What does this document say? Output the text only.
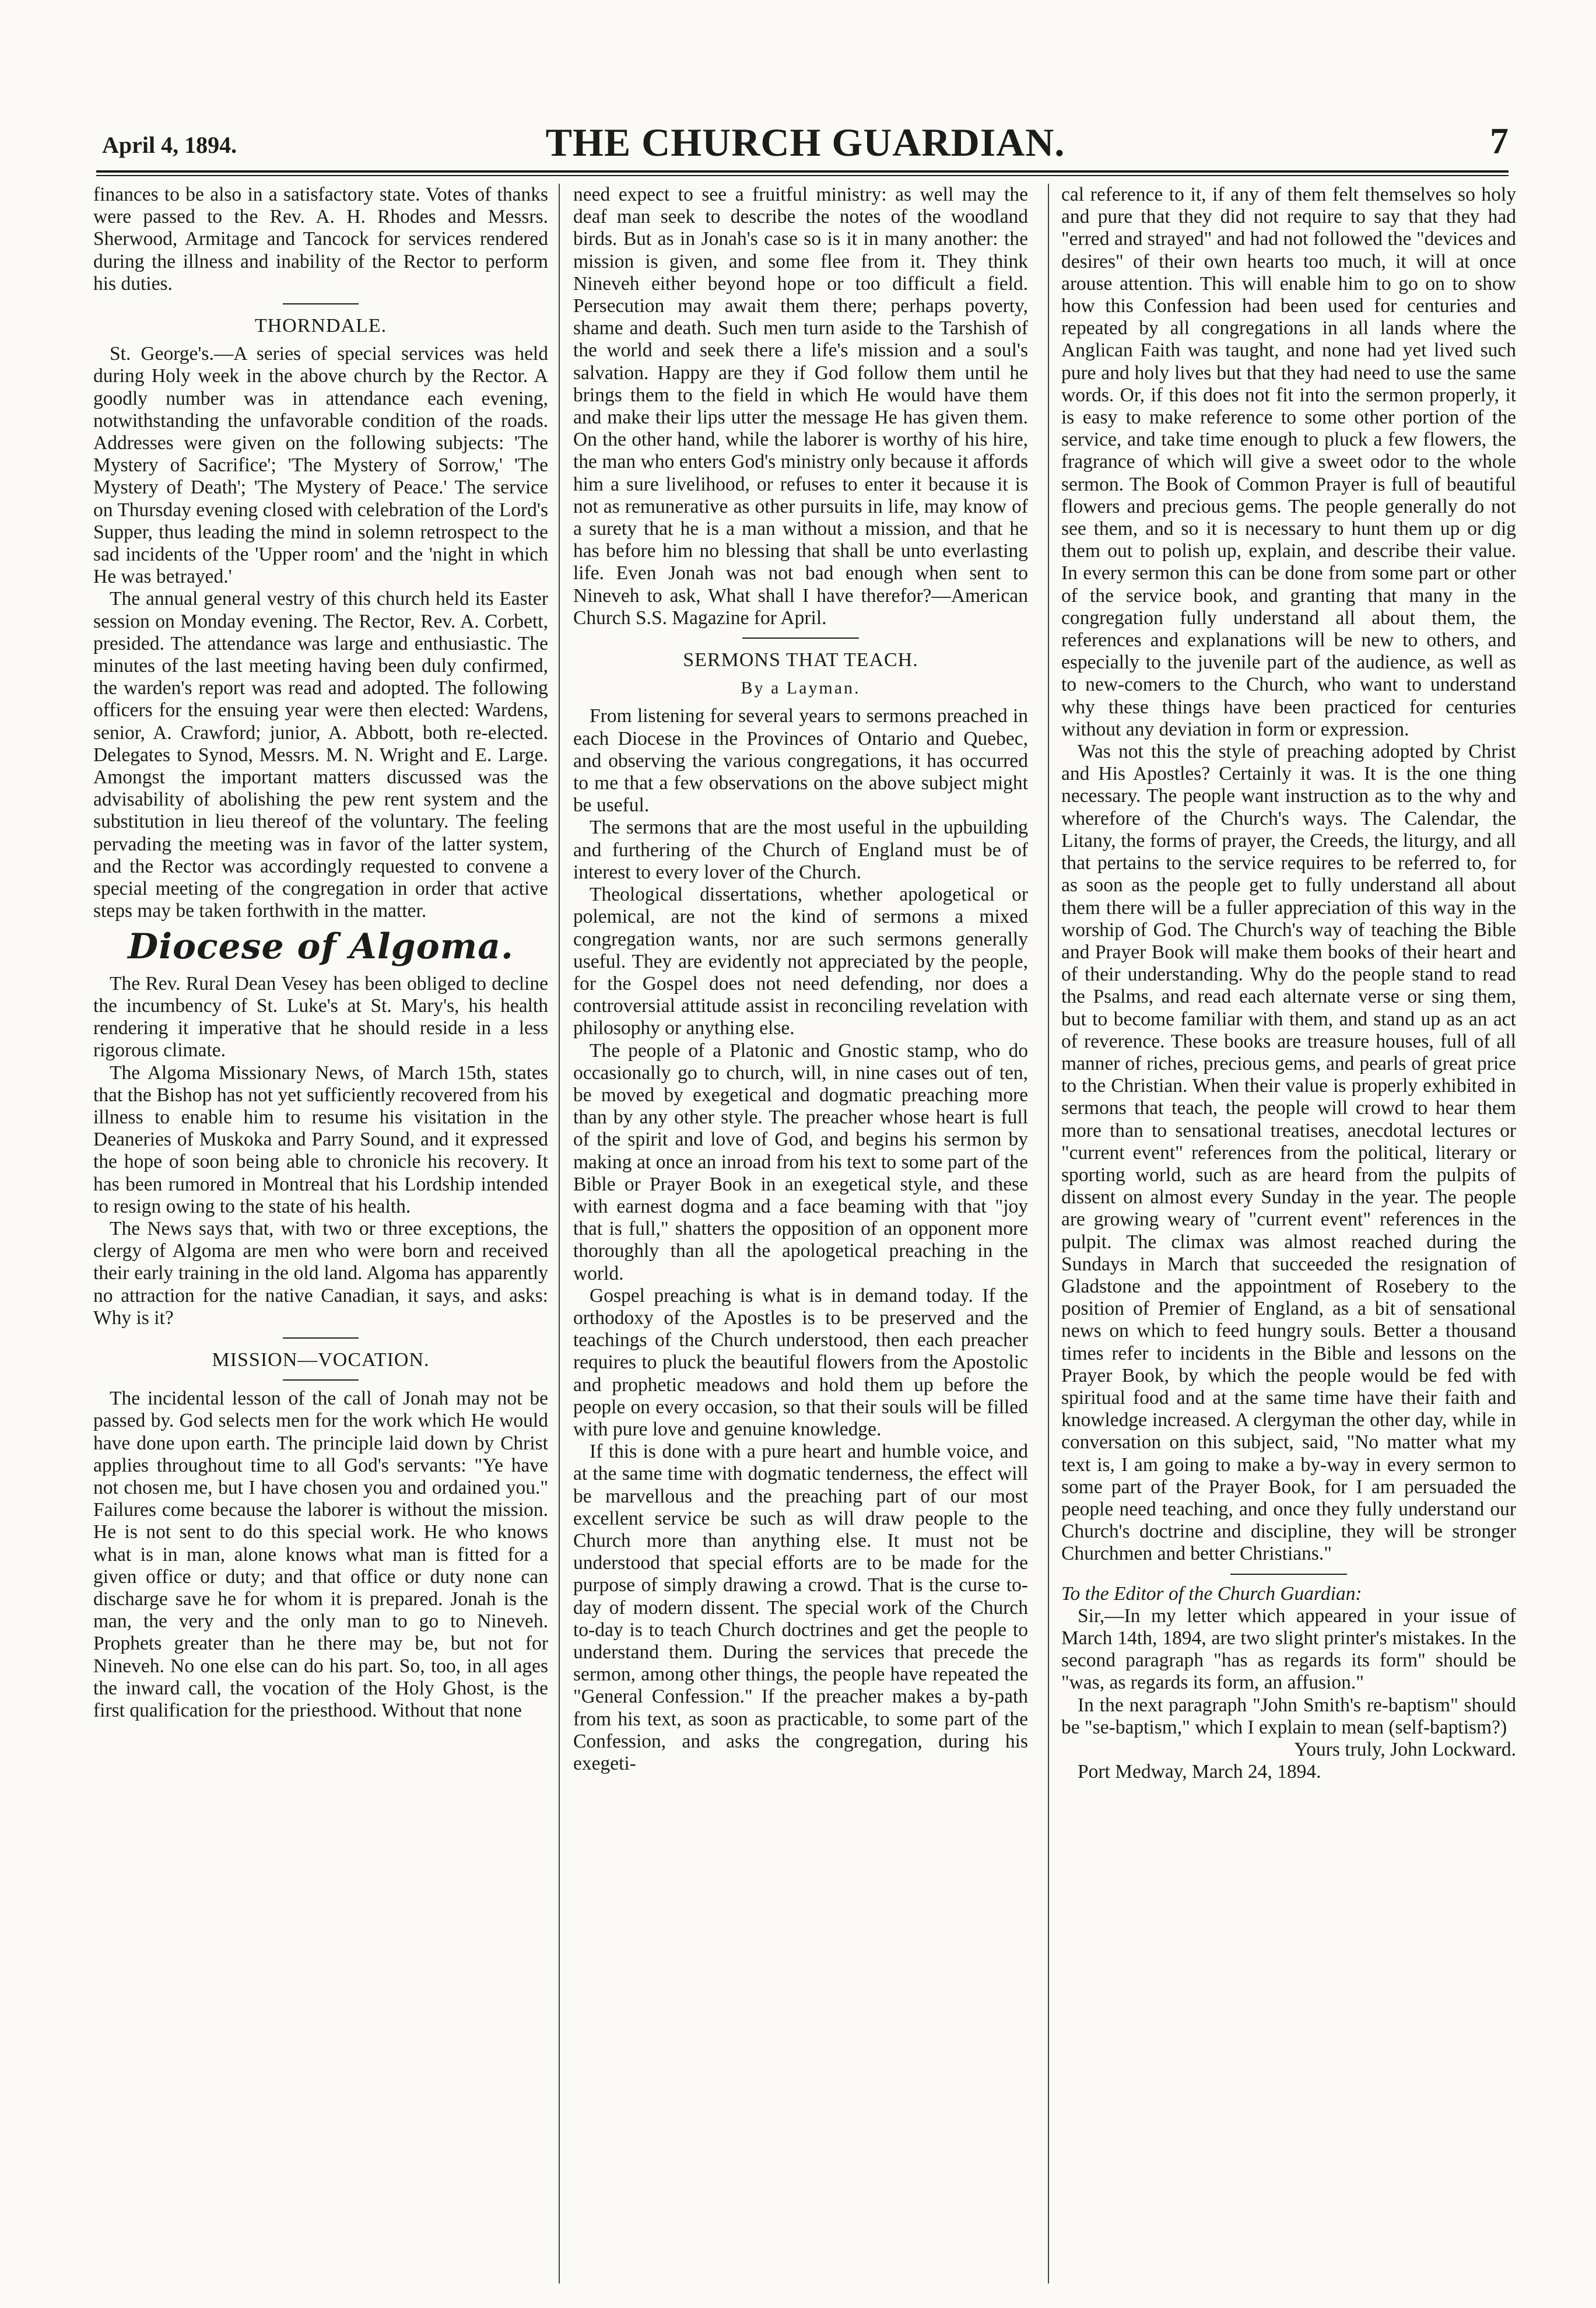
April 4, 1894.	THE CHURCH GUARDIAN.	7

finances to be also in a satisfactory state. Votes of thanks were passed to the Rev. A. H. Rhodes and Messrs. Sherwood, Armitage and Tancock for services rendered during the illness and inability of the Rector to perform his duties.

THORNDALE.

St. George's.—A series of special services was held during Holy week in the above church by the Rector. A goodly number was in attendance each evening, notwithstanding the unfavorable condition of the roads. Addresses were given on the following subjects: 'The Mystery of Sacrifice'; 'The Mystery of Sorrow,' 'The Mystery of Death'; 'The Mystery of Peace.' The service on Thursday evening closed with celebration of the Lord's Supper, thus leading the mind in solemn retrospect to the sad incidents of the 'Upper room' and the 'night in which He was betrayed.'

The annual general vestry of this church held its Easter session on Monday evening. The Rector, Rev. A. Corbett, presided. The attendance was large and enthusiastic. The minutes of the last meeting having been duly confirmed, the warden's report was read and adopted. The following officers for the ensuing year were then elected: Wardens, senior, A. Crawford; junior, A. Abbott, both re-elected. Delegates to Synod, Messrs. M. N. Wright and E. Large. Amongst the important matters discussed was the advisability of abolishing the pew rent system and the substitution in lieu thereof of the voluntary. The feeling pervading the meeting was in favor of the latter system, and the Rector was accordingly requested to convene a special meeting of the congregation in order that active steps may be taken forthwith in the matter.

Diocese of Algoma.

The Rev. Rural Dean Vesey has been obliged to decline the incumbency of St. Luke's at St. Mary's, his health rendering it imperative that he should reside in a less rigorous climate.

The Algoma Missionary News, of March 15th, states that the Bishop has not yet sufficiently recovered from his illness to enable him to resume his visitation in the Deaneries of Muskoka and Parry Sound, and it expressed the hope of soon being able to chronicle his recovery. It has been rumored in Montreal that his Lordship intended to resign owing to the state of his health.

The News says that, with two or three exceptions, the clergy of Algoma are men who were born and received their early training in the old land. Algoma has apparently no attraction for the native Canadian, it says, and asks: Why is it?

MISSION—VOCATION.

The incidental lesson of the call of Jonah may not be passed by. God selects men for the work which He would have done upon earth. The principle laid down by Christ applies throughout time to all God's servants: "Ye have not chosen me, but I have chosen you and ordained you." Failures come because the laborer is without the mission. He is not sent to do this special work. He who knows what is in man, alone knows what man is fitted for a given office or duty; and that office or duty none can discharge save he for whom it is prepared. Jonah is the man, the very and the only man to go to Nineveh. Prophets greater than he there may be, but not for Nineveh. No one else can do his part. So, too, in all ages the inward call, the vocation of the Holy Ghost, is the first qualification for the priesthood. Without that none

need expect to see a fruitful ministry: as well may the deaf man seek to describe the notes of the woodland birds. But as in Jonah's case so is it in many another: the mission is given, and some flee from it. They think Nineveh either beyond hope or too difficult a field. Persecution may await them there; perhaps poverty, shame and death. Such men turn aside to the Tarshish of the world and seek there a life's mission and a soul's salvation. Happy are they if God follow them until he brings them to the field in which He would have them and make their lips utter the message He has given them. On the other hand, while the laborer is worthy of his hire, the man who enters God's ministry only because it affords him a sure livelihood, or refuses to enter it because it is not as remunerative as other pursuits in life, may know of a surety that he is a man without a mission, and that he has before him no blessing that shall be unto everlasting life. Even Jonah was not bad enough when sent to Nineveh to ask, What shall I have therefor?—American Church S.S. Magazine for April.

SERMONS THAT TEACH.
By a Layman.

From listening for several years to sermons preached in each Diocese in the Provinces of Ontario and Quebec, and observing the various congregations, it has occurred to me that a few observations on the above subject might be useful.

The sermons that are the most useful in the upbuilding and furthering of the Church of England must be of interest to every lover of the Church.

Theological dissertations, whether apologetical or polemical, are not the kind of sermons a mixed congregation wants, nor are such sermons generally useful. They are evidently not appreciated by the people, for the Gospel does not need defending, nor does a controversial attitude assist in reconciling revelation with philosophy or anything else.

The people of a Platonic and Gnostic stamp, who do occasionally go to church, will, in nine cases out of ten, be moved by exegetical and dogmatic preaching more than by any other style. The preacher whose heart is full of the spirit and love of God, and begins his sermon by making at once an inroad from his text to some part of the Bible or Prayer Book in an exegetical style, and these with earnest dogma and a face beaming with that "joy that is full," shatters the opposition of an opponent more thoroughly than all the apologetical preaching in the world.

Gospel preaching is what is in demand today. If the orthodoxy of the Apostles is to be preserved and the teachings of the Church understood, then each preacher requires to pluck the beautiful flowers from the Apostolic and prophetic meadows and hold them up before the people on every occasion, so that their souls will be filled with pure love and genuine knowledge.

If this is done with a pure heart and humble voice, and at the same time with dogmatic tenderness, the effect will be marvellous and the preaching part of our most excellent service be such as will draw people to the Church more than anything else. It must not be understood that special efforts are to be made for the purpose of simply drawing a crowd. That is the curse to-day of modern dissent. The special work of the Church to-day is to teach Church doctrines and get the people to understand them. During the services that precede the sermon, among other things, the people have repeated the "General Confession." If the preacher makes a by-path from his text, as soon as practicable, to some part of the Confession, and asks the congregation, during his exegeti-

cal reference to it, if any of them felt themselves so holy and pure that they did not require to say that they had "erred and strayed" and had not followed the "devices and desires" of their own hearts too much, it will at once arouse attention. This will enable him to go on to show how this Confession had been used for centuries and repeated by all congregations in all lands where the Anglican Faith was taught, and none had yet lived such pure and holy lives but that they had need to use the same words. Or, if this does not fit into the sermon properly, it is easy to make reference to some other portion of the service, and take time enough to pluck a few flowers, the fragrance of which will give a sweet odor to the whole sermon. The Book of Common Prayer is full of beautiful flowers and precious gems. The people generally do not see them, and so it is necessary to hunt them up or dig them out to polish up, explain, and describe their value. In every sermon this can be done from some part or other of the service book, and granting that many in the congregation fully understand all about them, the references and explanations will be new to others, and especially to the juvenile part of the audience, as well as to new-comers to the Church, who want to understand why these things have been practiced for centuries without any deviation in form or expression.

Was not this the style of preaching adopted by Christ and His Apostles? Certainly it was. It is the one thing necessary. The people want instruction as to the why and wherefore of the Church's ways. The Calendar, the Litany, the forms of prayer, the Creeds, the liturgy, and all that pertains to the service requires to be referred to, for as soon as the people get to fully understand all about them there will be a fuller appreciation of this way in the worship of God. The Church's way of teaching the Bible and Prayer Book will make them books of their heart and of their understanding. Why do the people stand to read the Psalms, and read each alternate verse or sing them, but to become familiar with them, and stand up as an act of reverence. These books are treasure houses, full of all manner of riches, precious gems, and pearls of great price to the Christian. When their value is properly exhibited in sermons that teach, the people will crowd to hear them more than to sensational treatises, anecdotal lectures or "current event" references from the political, literary or sporting world, such as are heard from the pulpits of dissent on almost every Sunday in the year. The people are growing weary of "current event" references in the pulpit. The climax was almost reached during the Sundays in March that succeeded the resignation of Gladstone and the appointment of Rosebery to the position of Premier of England, as a bit of sensational news on which to feed hungry souls. Better a thousand times refer to incidents in the Bible and lessons on the Prayer Book, by which the people would be fed with spiritual food and at the same time have their faith and knowledge increased. A clergyman the other day, while in conversation on this subject, said, "No matter what my text is, I am going to make a by-way in every sermon to some part of the Prayer Book, for I am persuaded the people need teaching, and once they fully understand our Church's doctrine and discipline, they will be stronger Churchmen and better Christians."

To the Editor of the Church Guardian:

Sir,—In my letter which appeared in your issue of March 14th, 1894, are two slight printer's mistakes. In the second paragraph "has as regards its form" should be "was, as regards its form, an affusion."

In the next paragraph "John Smith's re-baptism" should be "se-baptism," which I explain to mean (self-baptism?)

Yours truly, John Lockward.

Port Medway, March 24, 1894.
